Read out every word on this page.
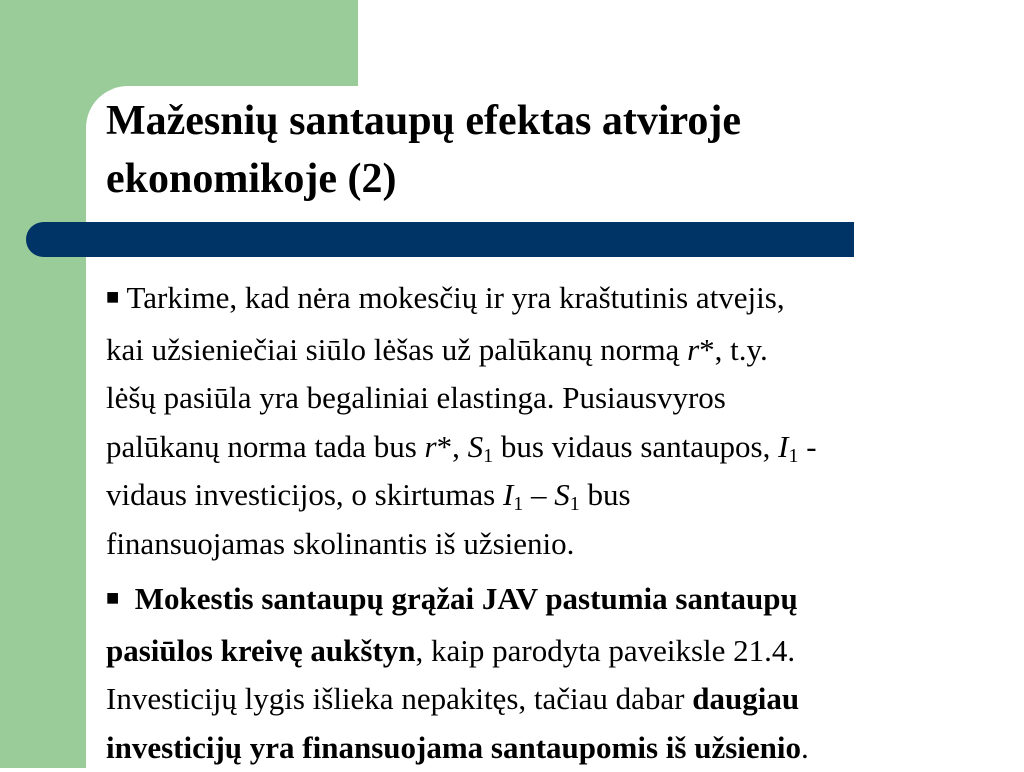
Mažesnių santaupų efektas atviroje
ekonomikoje (2)

■ Tarkime, kad nėra mokesčių ir yra kraštutinis atvejis,
kai užsieniečiai siūlo lėšas už palūkanų normą r*, t.y.
lėšų pasiūla yra begaliniai elastinga. Pusiausvyros
palūkanų norma tada bus r*, $S_1$ bus vidaus santaupos, $I_1$ -
vidaus investicijos, o skirtumas $I_1 - S_1$ bus
finansuojamas skolinantis iš užsienio.

■ Mokestis santaupų grąžai JAV pastumia santaupų
pasiūlos kreivę aukštyn, kaip parodyta paveiksle 21.4.
Investicijų lygis išlieka nepakitęs, tačiau dabar daugiau
investicijų yra finansuojama santaupomis iš užsienio.
